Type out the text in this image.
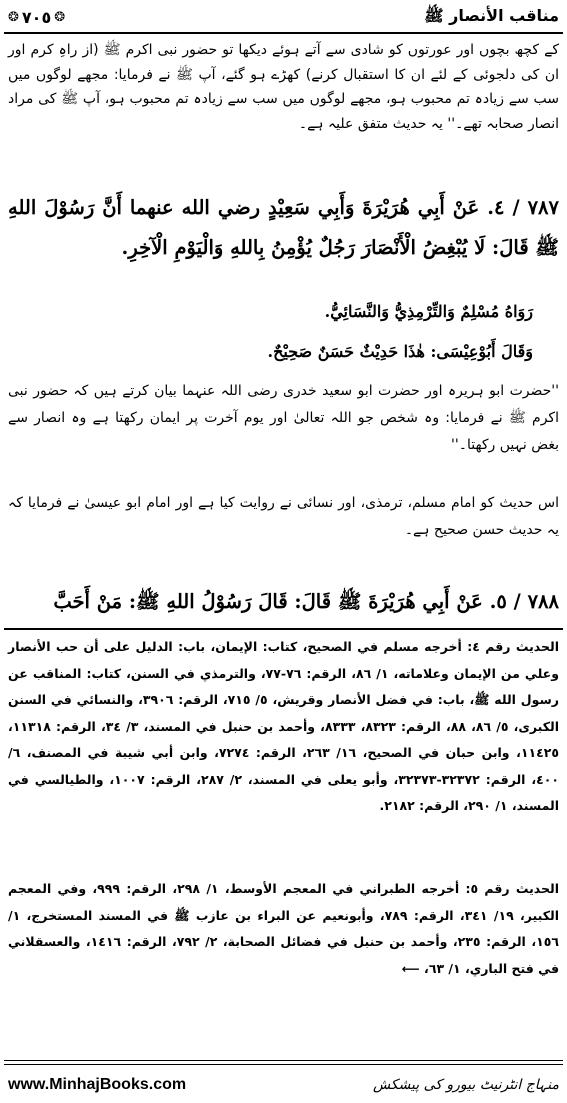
❂ ٧٠٥ ❂	مناقب الأنصار ﷺ
کے کچھ بچوں اور عورتوں کو شادی سے آتے ہوئے دیکھا تو حضور نبی اکرم ﷺ (از راہِ کرم اور ان کی دلجوئی کے لئے ان کا استقبال کرنے) کھڑے ہو گئے، آپ ﷺ نے فرمایا: مجھے لوگوں میں سب سے زیادہ تم محبوب ہو، مجھے لوگوں میں سب سے زیادہ تم محبوب ہو، آپ ﷺ کی مراد انصار صحابہ تھے۔'' یہ حدیث متفق علیہ ہے۔
٧٨٧ / ٤. عَنْ أَبِي هُرَيْرَةَ وَأَبِي سَعِيْدٍ رضي الله عنهما أَنَّ رَسُوْلَ اللهِ ﷺ قَالَ: لَا يُبْغِضُ الْأَنْصَارَ رَجُلٌ يُؤْمِنُ بِاللهِ وَالْيَوْمِ الْآخِرِ.
رَوَاهُ مُسْلِمٌ وَالتِّرْمِذِيُّ وَالنَّسَائِيُّ.
وَقَالَ أَبُوْعِيْسَى: هٰذَا حَدِيْثٌ حَسَنٌ صَحِيْحٌ.
''حضرت ابو ہریرہ اور حضرت ابو سعید خدری رضی اللہ عنہما بیان کرتے ہیں کہ حضور نبی اکرم ﷺ نے فرمایا: وہ شخص جو اللہ تعالیٰ اور یوم آخرت پر ایمان رکھتا ہے وہ انصار سے بغض نہیں رکھتا۔''
اس حدیث کو امام مسلم، ترمذی، اور نسائی نے روایت کیا ہے اور امام ابو عیسیٰ نے فرمایا کہ یہ حدیث حسن صحیح ہے۔
٧٨٨ / ٥. عَنْ أَبِي هُرَيْرَةَ ﷺ قَالَ: قَالَ رَسُوْلُ اللهِ ﷺ: مَنْ أَحَبَّ
الحديث رقم ٤: أخرجه مسلم في الصحيح، كتاب: الإيمان، باب: الدليل على أن حب الأنصار وعلي من الإيمان وعلاماته، ١/ ٨٦، الرقم: ٧٦-٧٧، والترمذي في السنن، كتاب: المناقب عن رسول الله ﷺ، باب: في فضل الأنصار وقريش، ٥/ ٧١٥، الرقم: ٣٩٠٦، والنسائي في السنن الكبرى، ٥/ ٨٦، ٨٨، الرقم: ٨٣٢٣، ٨٣٣٣، وأحمد بن حنبل في المسند، ٣/ ٣٤، الرقم: ١١٣١٨، ١١٤٢٥، وابن حبان في الصحيح، ١٦/ ٢٦٣، الرقم: ٧٢٧٤، وابن أبي شيبة في المصنف، ٦/ ٤٠٠، الرقم: ٣٢٣٧٢-٣٢٣٧٣، وأبو يعلى في المسند، ٢/ ٢٨٧، الرقم: ١٠٠٧، والطيالسي في المسند، ١/ ٢٩٠، الرقم: ٢١٨٢.
الحديث رقم ٥: أخرجه الطبراني في المعجم الأوسط، ١/ ٢٩٨، الرقم: ٩٩٩، وفي المعجم الكبير، ١٩/ ٣٤١، الرقم: ٧٨٩، وأبونعيم عن البراء بن عازب ﷺ في المسند المستخرج، ١/ ١٥٦، الرقم: ٢٣٥، وأحمد بن حنبل في فضائل الصحابة، ٢/ ٧٩٢، الرقم: ١٤١٦، والعسقلاني في فتح الباري، ١/ ٦٣، ⟵
www.MinhajBooks.com	منہاج انٹرنیٹ بیورو کی پیشکش
